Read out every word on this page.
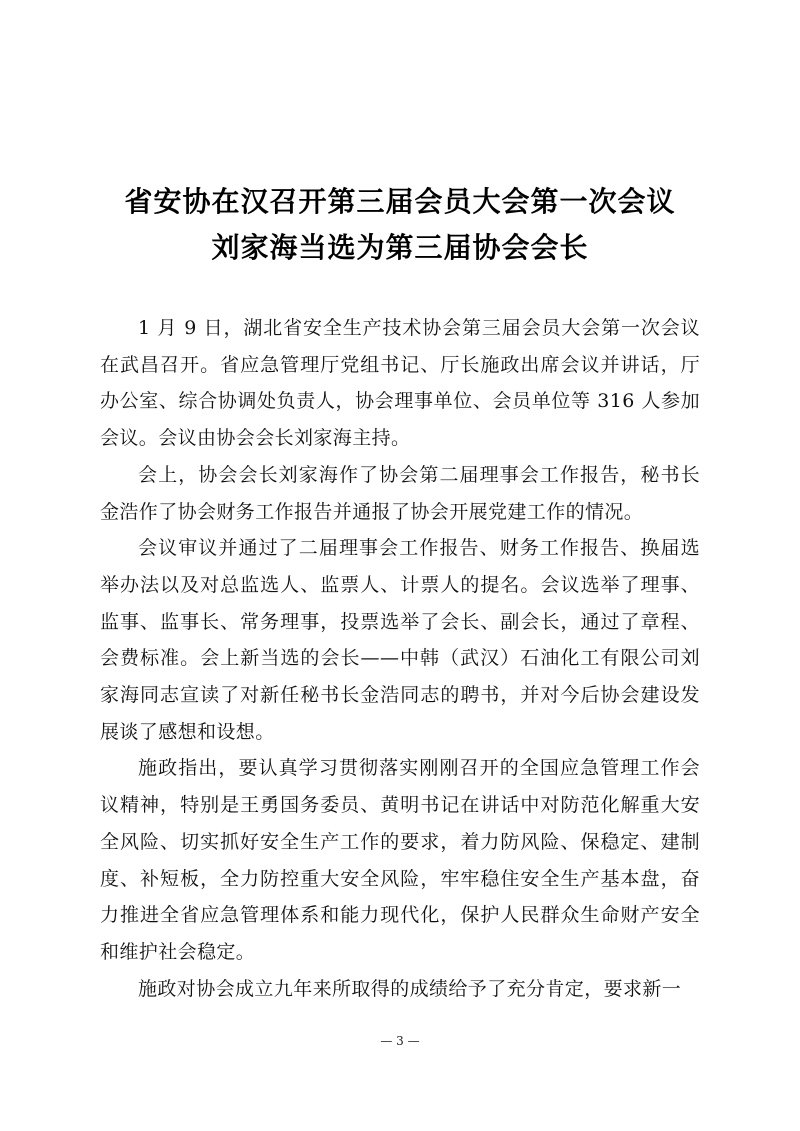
省安协在汉召开第三届会员大会第一次会议
刘家海当选为第三届协会会长

1 月 9 日，湖北省安全生产技术协会第三届会员大会第一次会议在武昌召开。省应急管理厅党组书记、厅长施政出席会议并讲话，厅办公室、综合协调处负责人，协会理事单位、会员单位等 316 人参加会议。会议由协会会长刘家海主持。

会上，协会会长刘家海作了协会第二届理事会工作报告，秘书长金浩作了协会财务工作报告并通报了协会开展党建工作的情况。

会议审议并通过了二届理事会工作报告、财务工作报告、换届选举办法以及对总监选人、监票人、计票人的提名。会议选举了理事、监事、监事长、常务理事，投票选举了会长、副会长，通过了章程、会费标准。会上新当选的会长——中韩（武汉）石油化工有限公司刘家海同志宣读了对新任秘书长金浩同志的聘书，并对今后协会建设发展谈了感想和设想。

施政指出，要认真学习贯彻落实刚刚召开的全国应急管理工作会议精神，特别是王勇国务委员、黄明书记在讲话中对防范化解重大安全风险、切实抓好安全生产工作的要求，着力防风险、保稳定、建制度、补短板，全力防控重大安全风险，牢牢稳住安全生产基本盘，奋力推进全省应急管理体系和能力现代化，保护人民群众生命财产安全和维护社会稳定。

施政对协会成立九年来所取得的成绩给予了充分肯定，要求新一

— 3 —
